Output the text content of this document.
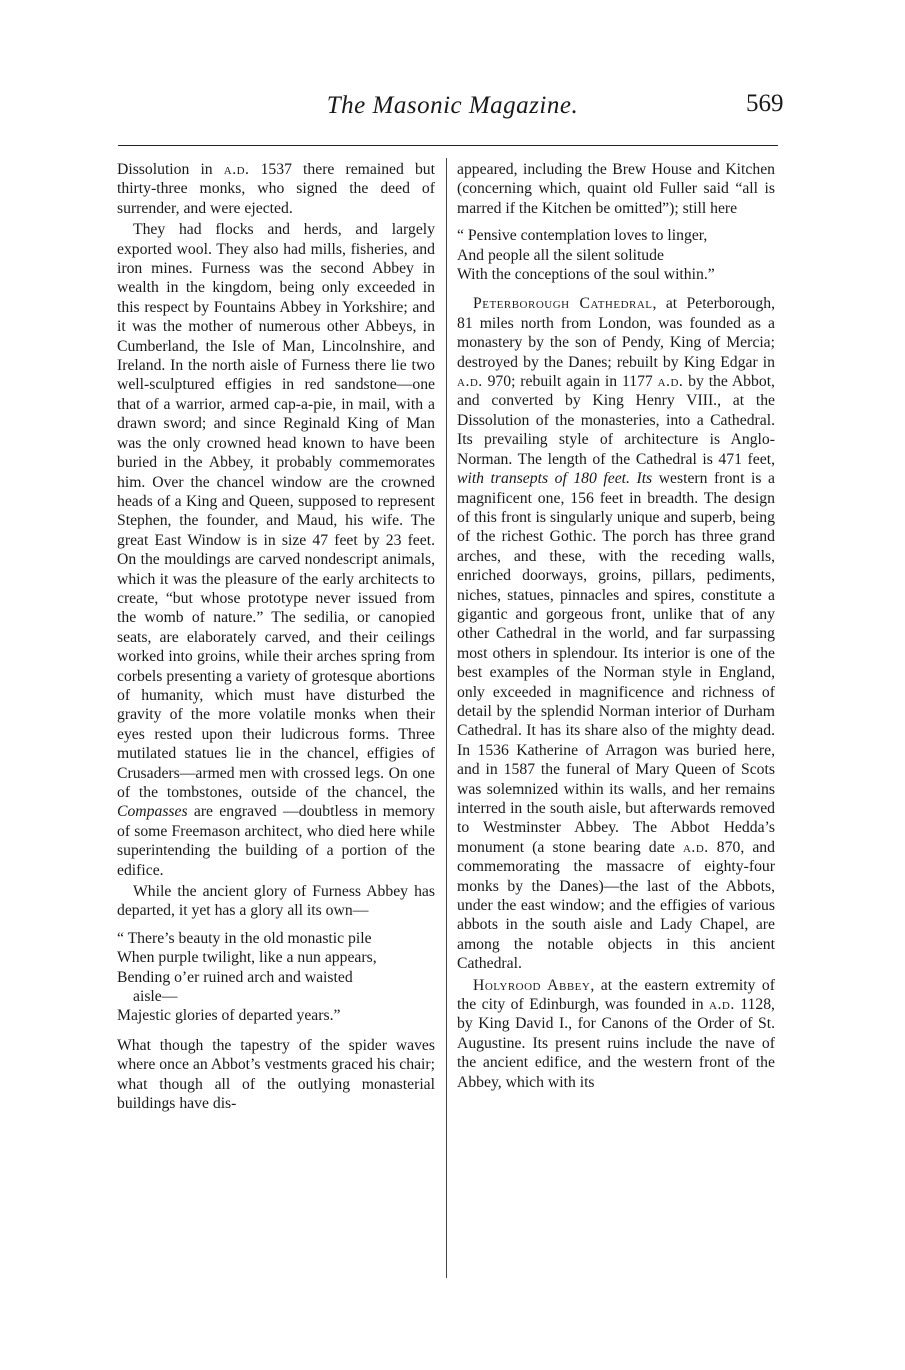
The Masonic Magazine.	569

Dissolution in a.d. 1537 there remained but thirty-three monks, who signed the deed of surrender, and were ejected.

They had flocks and herds, and largely exported wool. They also had mills, fisheries, and iron mines. Furness was the second Abbey in wealth in the kingdom, being only exceeded in this respect by Fountains Abbey in Yorkshire; and it was the mother of numerous other Abbeys, in Cumberland, the Isle of Man, Lincolnshire, and Ireland. In the north aisle of Furness there lie two well-sculptured effigies in red sandstone—one that of a warrior, armed cap-a-pie, in mail, with a drawn sword; and since Reginald King of Man was the only crowned head known to have been buried in the Abbey, it probably commemorates him. Over the chancel window are the crowned heads of a King and Queen, supposed to represent Stephen, the founder, and Maud, his wife. The great East Window is in size 47 feet by 23 feet. On the mouldings are carved nondescript animals, which it was the pleasure of the early architects to create, “but whose prototype never issued from the womb of nature.” The sedilia, or canopied seats, are elaborately carved, and their ceilings worked into groins, while their arches spring from corbels presenting a variety of grotesque abortions of humanity, which must have disturbed the gravity of the more volatile monks when their eyes rested upon their ludicrous forms. Three mutilated statues lie in the chancel, effigies of Crusaders—armed men with crossed legs. On one of the tombstones, outside of the chancel, the Compasses are engraved —doubtless in memory of some Freemason architect, who died here while superintending the building of a portion of the edifice.

While the ancient glory of Furness Abbey has departed, it yet has a glory all its own—

“ There’s beauty in the old monastic pile
When purple twilight, like a nun appears,
Bending o’er ruined arch and waisted
aisle—
Majestic glories of departed years.”

What though the tapestry of the spider waves where once an Abbot’s vestments graced his chair; what though all of the outlying monasterial buildings have dis-

appeared, including the Brew House and Kitchen (concerning which, quaint old Fuller said “all is marred if the Kitchen be omitted”); still here

“ Pensive contemplation loves to linger,
And people all the silent solitude
With the conceptions of the soul within.”

Peterborough Cathedral, at Peterborough, 81 miles north from London, was founded as a monastery by the son of Pendy, King of Mercia; destroyed by the Danes; rebuilt by King Edgar in a.d. 970; rebuilt again in 1177 a.d. by the Abbot, and converted by King Henry VIII., at the Dissolution of the monasteries, into a Cathedral. Its prevailing style of architecture is Anglo-Norman. The length of the Cathedral is 471 feet, with transepts of 180 feet. Its western front is a magnificent one, 156 feet in breadth. The design of this front is singularly unique and superb, being of the richest Gothic. The porch has three grand arches, and these, with the receding walls, enriched doorways, groins, pillars, pediments, niches, statues, pinnacles and spires, constitute a gigantic and gorgeous front, unlike that of any other Cathedral in the world, and far surpassing most others in splendour. Its interior is one of the best examples of the Norman style in England, only exceeded in magnificence and richness of detail by the splendid Norman interior of Durham Cathedral. It has its share also of the mighty dead. In 1536 Katherine of Arragon was buried here, and in 1587 the funeral of Mary Queen of Scots was solemnized within its walls, and her remains interred in the south aisle, but afterwards removed to Westminster Abbey. The Abbot Hedda’s monument (a stone bearing date a.d. 870, and commemorating the massacre of eighty-four monks by the Danes)—the last of the Abbots, under the east window; and the effigies of various abbots in the south aisle and Lady Chapel, are among the notable objects in this ancient Cathedral.

Holyrood Abbey, at the eastern extremity of the city of Edinburgh, was founded in a.d. 1128, by King David I., for Canons of the Order of St. Augustine. Its present ruins include the nave of the ancient edifice, and the western front of the Abbey, which with its
